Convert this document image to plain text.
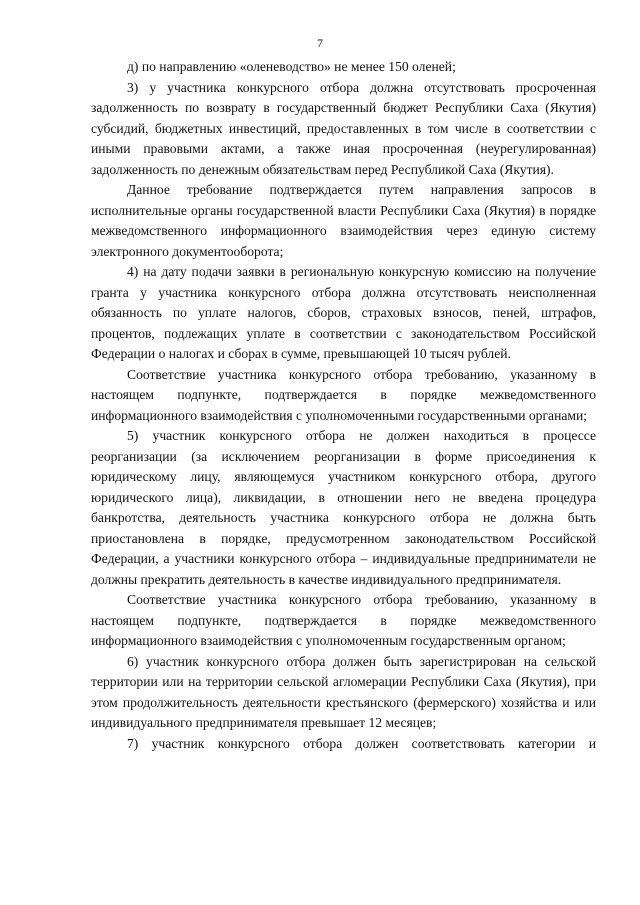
7

д) по направлению «оленеводство» не менее 150 оленей;

3) у участника конкурсного отбора должна отсутствовать просроченная задолженность по возврату в государственный бюджет Республики Саха (Якутия) субсидий, бюджетных инвестиций, предоставленных в том числе в соответствии с иными правовыми актами, а также иная просроченная (неурегулированная) задолженность по денежным обязательствам перед Республикой Саха (Якутия).

Данное требование подтверждается путем направления запросов в исполнительные органы государственной власти Республики Саха (Якутия) в порядке межведомственного информационного взаимодействия через единую систему электронного документооборота;

4) на дату подачи заявки в региональную конкурсную комиссию на получение гранта у участника конкурсного отбора должна отсутствовать неисполненная обязанность по уплате налогов, сборов, страховых взносов, пеней, штрафов, процентов, подлежащих уплате в соответствии с законодательством Российской Федерации о налогах и сборах в сумме, превышающей 10 тысяч рублей.

Соответствие участника конкурсного отбора требованию, указанному в настоящем подпункте, подтверждается в порядке межведомственного информационного взаимодействия с уполномоченными государственными органами;

5) участник конкурсного отбора не должен находиться в процессе реорганизации (за исключением реорганизации в форме присоединения к юридическому лицу, являющемуся участником конкурсного отбора, другого юридического лица), ликвидации, в отношении него не введена процедура банкротства, деятельность участника конкурсного отбора не должна быть приостановлена в порядке, предусмотренном законодательством Российской Федерации, а участники конкурсного отбора – индивидуальные предприниматели не должны прекратить деятельность в качестве индивидуального предпринимателя.

Соответствие участника конкурсного отбора требованию, указанному в настоящем подпункте, подтверждается в порядке межведомственного информационного взаимодействия с уполномоченным государственным органом;

6) участник конкурсного отбора должен быть зарегистрирован на сельской территории или на территории сельской агломерации Республики Саха (Якутия), при этом продолжительность деятельности крестьянского (фермерского) хозяйства и или индивидуального предпринимателя превышает 12 месяцев;

7) участник конкурсного отбора должен соответствовать категории и
